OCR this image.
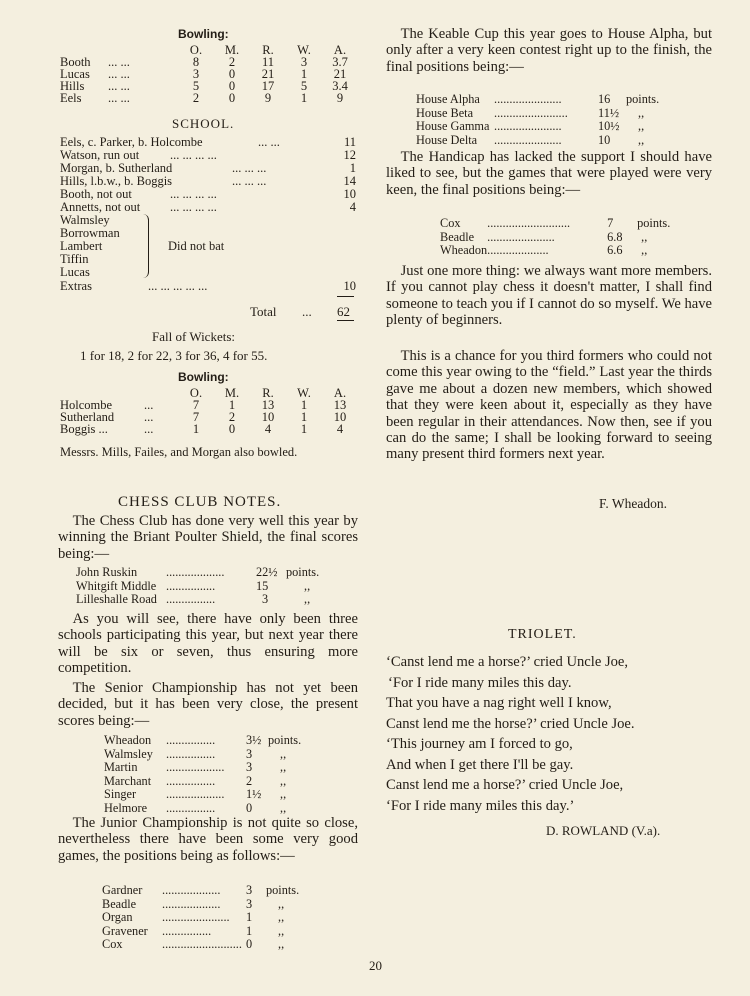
Bowling:
		O.	M.	R.	W.	A.
Booth	... ...	8	2	11	3	3.7
Lucas	... ...	3	0	21	1	21
Hills	... ...	5	0	17	5	3.4
Eels	... ...	2	0	9	1	9
SCHOOL.
Eels, c. Parker, b. Holcombe	... ...	11
Watson, run out ... ... ... ...	12
Morgan, b. Sutherland	... ... ...	1
Hills, l.b.w., b. Boggis	... ... ...	14
Booth, not out	... ... ... ...	10
Annetts, not out ... ... ... ...	4
Walmsley
Borrowman
Lambert
Tiffin
Lucas
Did not bat
Extras	... ... ... ... ...	10
Total ...	62
Fall of Wickets:
1 for 18, 2 for 22, 3 for 36, 4 for 55.
Bowling:
		O.	M.	R.	W.	A.
Holcombe	...	7	1	13	1	13
Sutherland	...	7	2	10	1	10
Boggis ...	...	1	0	4	1	4
Messrs. Mills, Failes, and Morgan also bowled.
CHESS CLUB NOTES.

The Chess Club has done very well this year by winning the Briant Poulter Shield, the final scores being:—

John Ruskin	...................	22½	points.
Whitgift Middle	................	15	,,
Lilleshalle Road	................	3	,,

As you will see, there have only been three schools participating this year, but next year there will be six or seven, thus ensuring more competition.

The Senior Championship has not yet been decided, but it has been very close, the present scores being:—

Wheadon	................	3½	points.
Walmsley	................	3	,,
Martin	...................	3	,,
Marchant	................	2	,,
Singer	...................	1½	,,
Helmore	................	0	,,

The Junior Championship is not quite so close, nevertheless there have been some very good games, the positions being as follows:—

Gardner	...................	3	points.
Beadle	...................	3	,,
Organ	......................	1	,,
Gravener	................	1	,,
Cox	..........................	0	,,

The Keable Cup this year goes to House Alpha, but only after a very keen contest right up to the finish, the final positions being:—

House Alpha	......................	16	points.
House Beta	........................	11½	,,
House Gamma	......................	10½	,,
House Delta	......................	10	,,

The Handicap has lacked the support I should have liked to see, but the games that were played were very keen, the final positions being:—

Cox	...........................	7	points.
Beadle	......................	6.8	,,
Wheadon	....................	6.6	,,

Just one more thing: we always want more members. If you cannot play chess it doesn't matter, I shall find someone to teach you if I cannot do so myself. We have plenty of beginners.

This is a chance for you third formers who could not come this year owing to the “field.” Last year the thirds gave me about a dozen new members, which showed that they were keen about it, especially as they have been regular in their attendances. Now then, see if you can do the same; I shall be looking forward to seeing many present third formers next year.

F. Wheadon.
TRIOLET.
‘Canst lend me a horse?’ cried Uncle Joe,
‘For I ride many miles this day.
That you have a nag right well I know,
Canst lend me the horse?’ cried Uncle Joe.
‘This journey am I forced to go,
And when I get there I'll be gay.
Canst lend me a horse?’ cried Uncle Joe,
‘For I ride many miles this day.’
D. ROWLAND (V.a).
20
